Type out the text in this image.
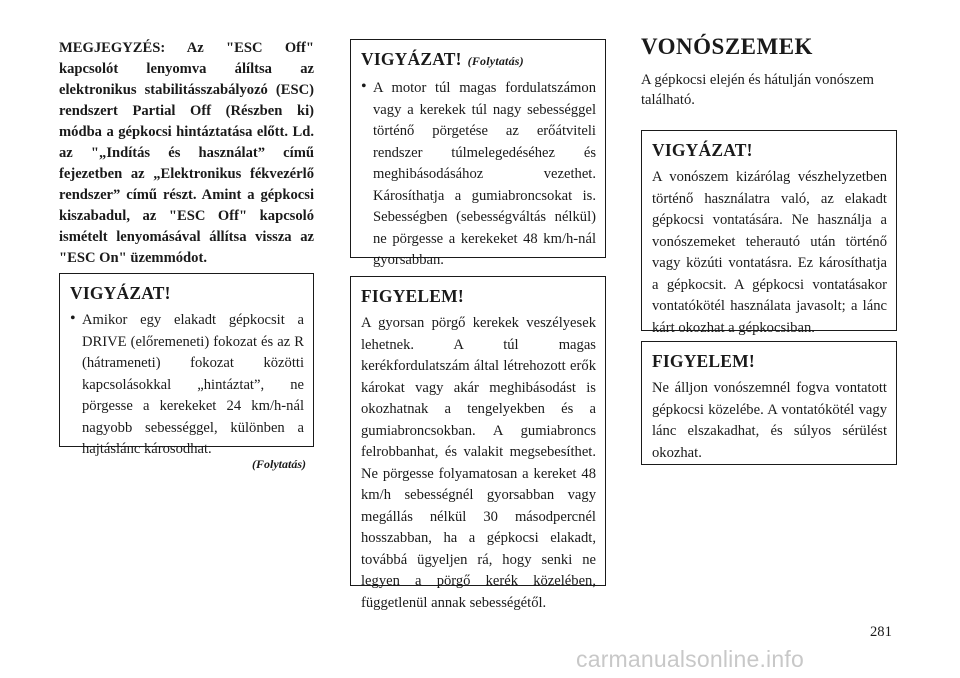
MEGJEGYZÉS: Az "ESC Off" kapcsolót lenyomva álíltsa az elektronikus stabilitásszabályozó (ESC) rendszert Partial Off (Részben ki) módba a gépkocsi hintáztatása előtt. Ld. az "„Indítás és használat” című fejezetben az „Elektronikus fékvezérlő rendszer” című részt. Amint a gépkocsi kiszabadul, az "ESC Off" kapcsoló ismételt lenyomásával állítsa vissza az "ESC On" üzemmódot.

VIGYÁZAT!
• Amikor egy elakadt gépkocsit a DRIVE (előremeneti) fokozat és az R (hátrameneti) fokozat közötti kapcsolásokkal „hintáztat”, ne pörgesse a kerekeket 24 km/h-nál nagyobb sebességgel, különben a hajtáslánc károsodhat.
(Folytatás)
VIGYÁZAT! (Folytatás)
• A motor túl magas fordulatszámon vagy a kerekek túl nagy sebességgel történő pörgetése az erőátviteli rendszer túlmelegedéséhez és meghibásodásához vezethet. Károsíthatja a gumiabroncsokat is. Sebességben (sebességváltás nélkül) ne pörgesse a kerekeket 48 km/h-nál gyorsabban.
FIGYELEM!

A gyorsan pörgő kerekek veszélyesek lehetnek. A túl magas kerékfordulatszám által létrehozott erők károkat vagy akár meghibásodást is okozhatnak a tengelyekben és a gumiabroncsokban. A gumiabroncs felrobbanhat, és valakit megsebesíthet. Ne pörgesse folyamatosan a kereket 48 km/h sebességnél gyorsabban vagy megállás nélkül 30 másodpercnél hosszabban, ha a gépkocsi elakadt, továbbá ügyeljen rá, hogy senki ne legyen a pörgő kerék közelében, függetlenül annak sebességétől.

VONÓSZEMEK

A gépkocsi elején és hátulján vonószem található.

VIGYÁZAT!

A vonószem kizárólag vészhelyzetben történő használatra való, az elakadt gépkocsi vontatására. Ne használja a vonószemeket teherautó után történő vagy közúti vontatásra. Ez károsíthatja a gépkocsit. A gépkocsi vontatásakor vontatókötél használata javasolt; a lánc kárt okozhat a gépkocsiban.

FIGYELEM!

Ne álljon vonószemnél fogva vontatott gépkocsi közelébe. A vontatókötél vagy lánc elszakadhat, és súlyos sérülést okozhat.

281
carmanualsonline.info
